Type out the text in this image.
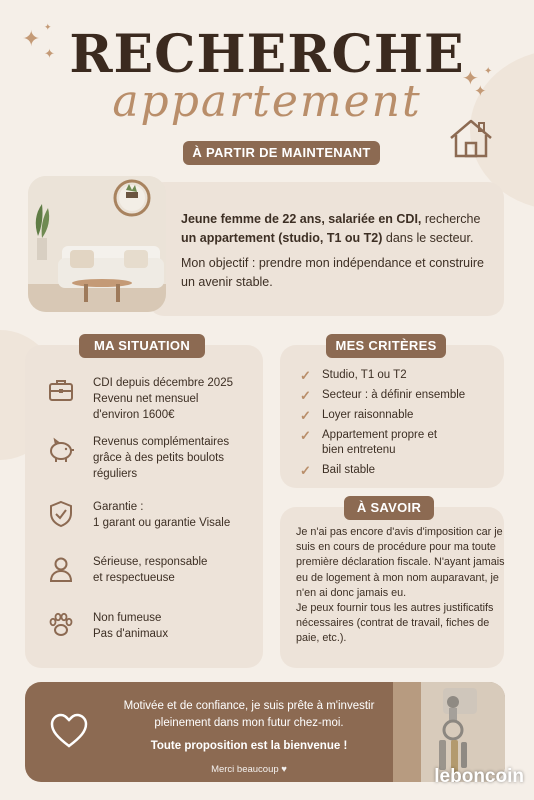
✦
✦
✦
✦ ✦
✦
RECHERCHE
appartement
À PARTIR DE MAINTENANT
Jeune femme de 22 ans, salariée en CDI, recherche
un appartement (studio, T1 ou T2) dans le secteur.
Mon objectif : prendre mon indépendance et construire un avenir stable.
MA SITUATION
CDI depuis décembre 2025
Revenu net mensuel
d'environ 1600€
Revenus complémentaires
grâce à des petits boulots
réguliers
Garantie :
1 garant ou garantie Visale
Sérieuse, responsable
et respectueuse
Non fumeuse
Pas d'animaux
MES CRITÈRES
✓ Studio, T1 ou T2
✓ Secteur : à définir ensemble
✓ Loyer raisonnable
✓ Appartement propre et bien entretenu
✓ Bail stable
À SAVOIR
Je n'ai pas encore d'avis d'imposition car je suis en cours de procédure pour ma toute première déclaration fiscale. N'ayant jamais eu de logement à mon nom auparavant, je n'en ai donc jamais eu.
Je peux fournir tous les autres justificatifs nécessaires (contrat de travail, fiches de paie, etc.).
Motivée et de confiance, je suis prête à m'investir pleinement dans mon futur chez-moi.
Toute proposition est la bienvenue !
Merci beaucoup ♥	leboncoin
